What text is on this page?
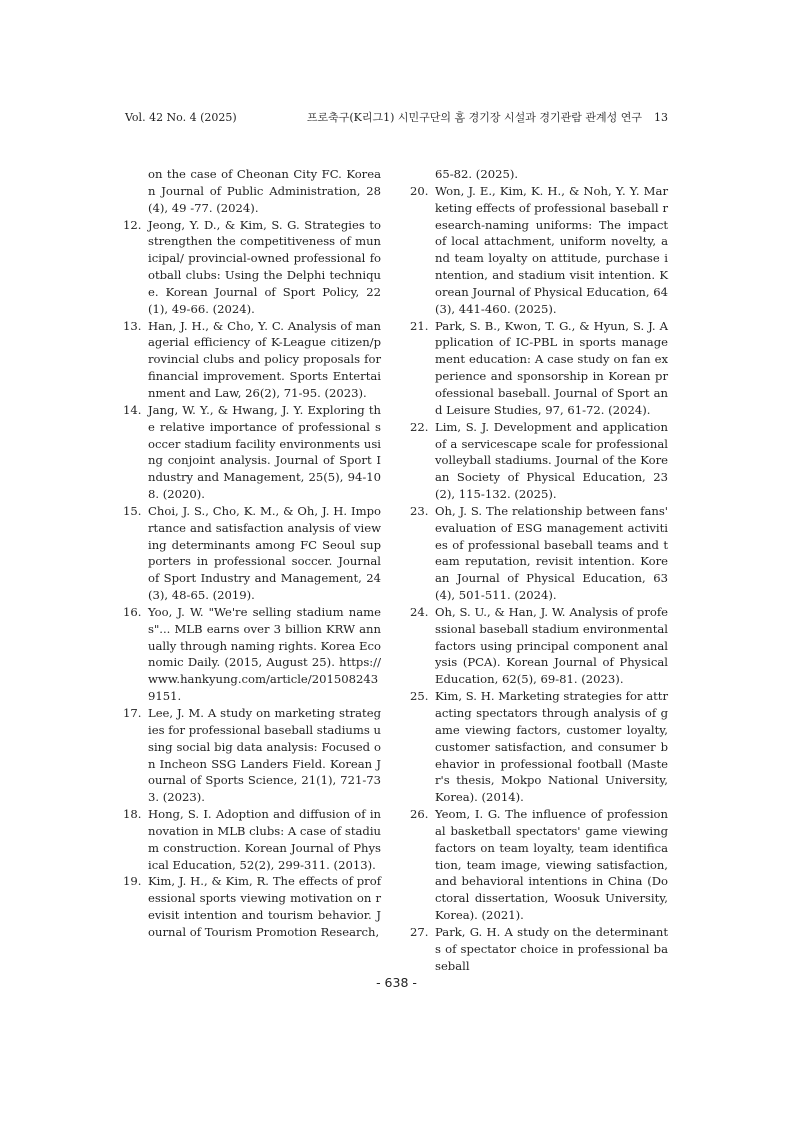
Vol. 42 No. 4 (2025)	프로축구(K리그1) 시민구단의 홈 경기장 시설과 경기관람 관계성 연구 13
on the case of Cheonan City FC. Korean Journal of Public Administration, 28(4), 49 -77. (2024).
12. Jeong, Y. D., & Kim, S. G. Strategies to strengthen the competitiveness of municipal/ provincial-owned professional football clubs: Using the Delphi technique. Korean Journal of Sport Policy, 22(1), 49-66. (2024).
13. Han, J. H., & Cho, Y. C. Analysis of managerial efficiency of K-League citizen/provincial clubs and policy proposals for financial improvement. Sports Entertainment and Law, 26(2), 71-95. (2023).
14. Jang, W. Y., & Hwang, J. Y. Exploring the relative importance of professional soccer stadium facility environments using conjoint analysis. Journal of Sport Industry and Management, 25(5), 94-108. (2020).
15. Choi, J. S., Cho, K. M., & Oh, J. H. Importance and satisfaction analysis of viewing determinants among FC Seoul supporters in professional soccer. Journal of Sport Industry and Management, 24(3), 48-65. (2019).
16. Yoo, J. W. "We're selling stadium names"... MLB earns over 3 billion KRW annually through naming rights. Korea Economic Daily. (2015, August 25). https://www.hankyung.com/article/2015082439151.
17. Lee, J. M. A study on marketing strategies for professional baseball stadiums using social big data analysis: Focused on Incheon SSG Landers Field. Korean Journal of Sports Science, 21(1), 721-733. (2023).
18. Hong, S. I. Adoption and diffusion of innovation in MLB clubs: A case of stadium construction. Korean Journal of Physical Education, 52(2), 299-311. (2013).
19. Kim, J. H., & Kim, R. The effects of professional sports viewing motivation on revisit intention and tourism behavior. Journal of Tourism Promotion Research,
65-82. (2025).
20. Won, J. E., Kim, K. H., & Noh, Y. Y. Marketing effects of professional baseball research-naming uniforms: The impact of local attachment, uniform novelty, and team loyalty on attitude, purchase intention, and stadium visit intention. Korean Journal of Physical Education, 64(3), 441-460. (2025).
21. Park, S. B., Kwon, T. G., & Hyun, S. J. Application of IC-PBL in sports management education: A case study on fan experience and sponsorship in Korean professional baseball. Journal of Sport and Leisure Studies, 97, 61-72. (2024).
22. Lim, S. J. Development and application of a servicescape scale for professional volleyball stadiums. Journal of the Korean Society of Physical Education, 23(2), 115-132. (2025).
23. Oh, J. S. The relationship between fans' evaluation of ESG management activities of professional baseball teams and team reputation, revisit intention. Korean Journal of Physical Education, 63(4), 501-511. (2024).
24. Oh, S. U., & Han, J. W. Analysis of professional baseball stadium environmental factors using principal component analysis (PCA). Korean Journal of Physical Education, 62(5), 69-81. (2023).
25. Kim, S. H. Marketing strategies for attracting spectators through analysis of game viewing factors, customer loyalty, customer satisfaction, and consumer behavior in professional football (Master's thesis, Mokpo National University, Korea). (2014).
26. Yeom, I. G. The influence of professional basketball spectators' game viewing factors on team loyalty, team identification, team image, viewing satisfaction, and behavioral intentions in China (Doctoral dissertation, Woosuk University, Korea). (2021).
27. Park, G. H. A study on the determinants of spectator choice in professional baseball
- 638 -
